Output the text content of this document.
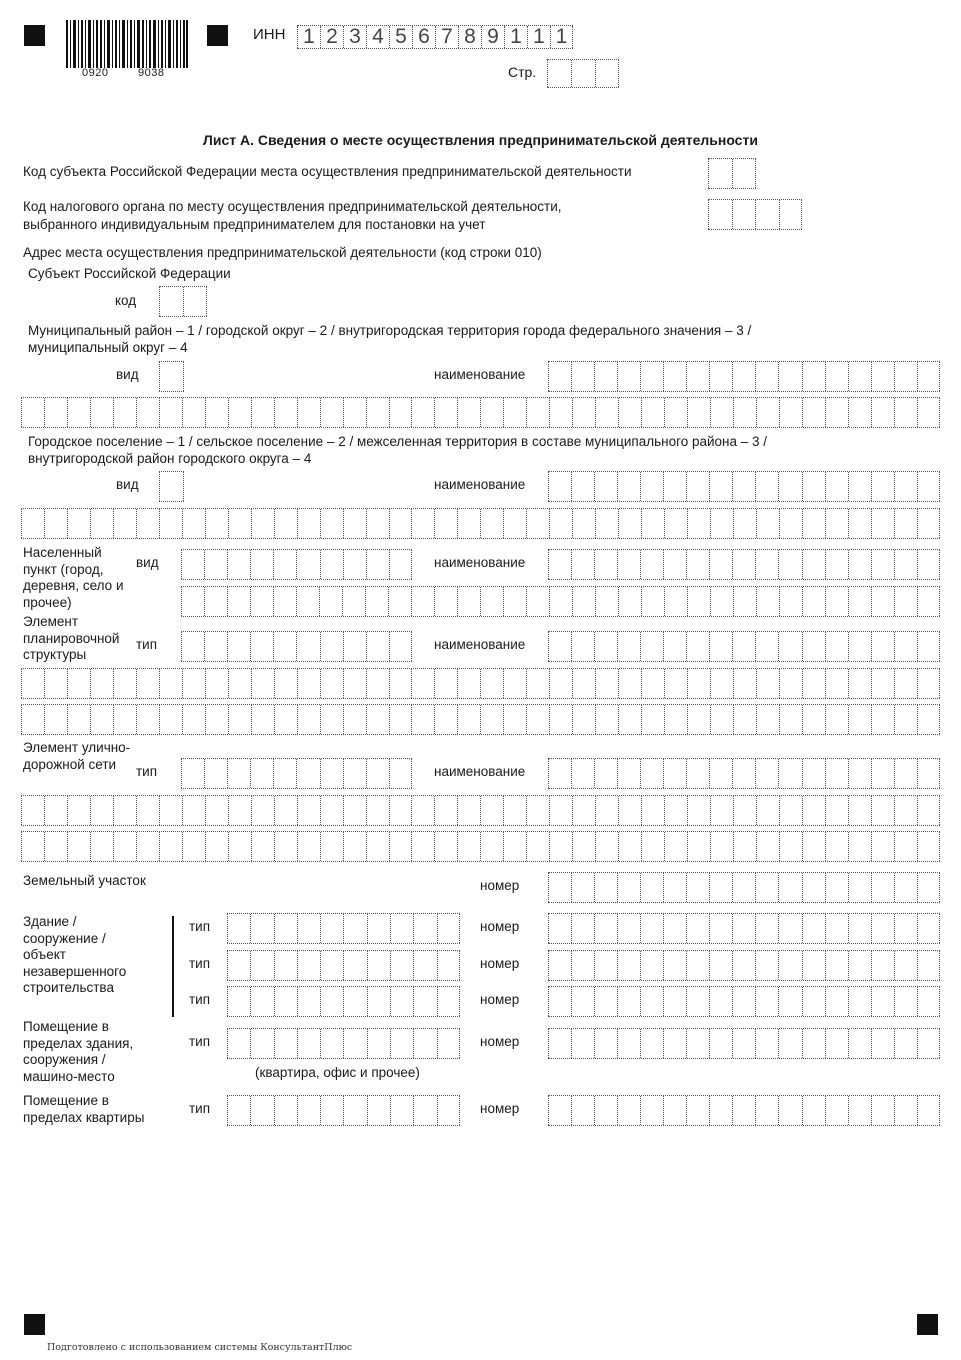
0920	9038
ИНН 1 2 3 4 5 6 7 8 9 1 1 1
Стр.
Лист А. Сведения о месте осуществления предпринимательской деятельности
Код субъекта Российской Федерации места осуществления предпринимательской деятельности
Код налогового органа по месту осуществления предпринимательской деятельности,
выбранного индивидуальным предпринимателем для постановки на учет
Адрес места осуществления предпринимательской деятельности (код строки 010)
Субъект Российской Федерации
код
Муниципальный район – 1 / городской округ – 2 / внутригородская территория города федерального значения – 3 / муниципальный округ – 4
вид	наименование
Городское поселение – 1 / сельское поселение – 2 / межселенная территория в составе муниципального района – 3 / внутригородской район городского округа – 4
вид	наименование
Населенный пункт (город, деревня, село и прочее)
вид	наименование
Элемент планировочной структуры
тип	наименование
Элемент улично-дорожной сети	тип	наименование
Земельный участок	номер
Здание / сооружение / объект незавершенного строительства
тип	номер
тип	номер
тип	номер
Помещение в пределах здания, сооружения / машино-место
тип	номер
(квартира, офис и прочее)
Помещение в пределах квартиры
тип	номер
Подготовлено с использованием системы КонсультантПлюс
